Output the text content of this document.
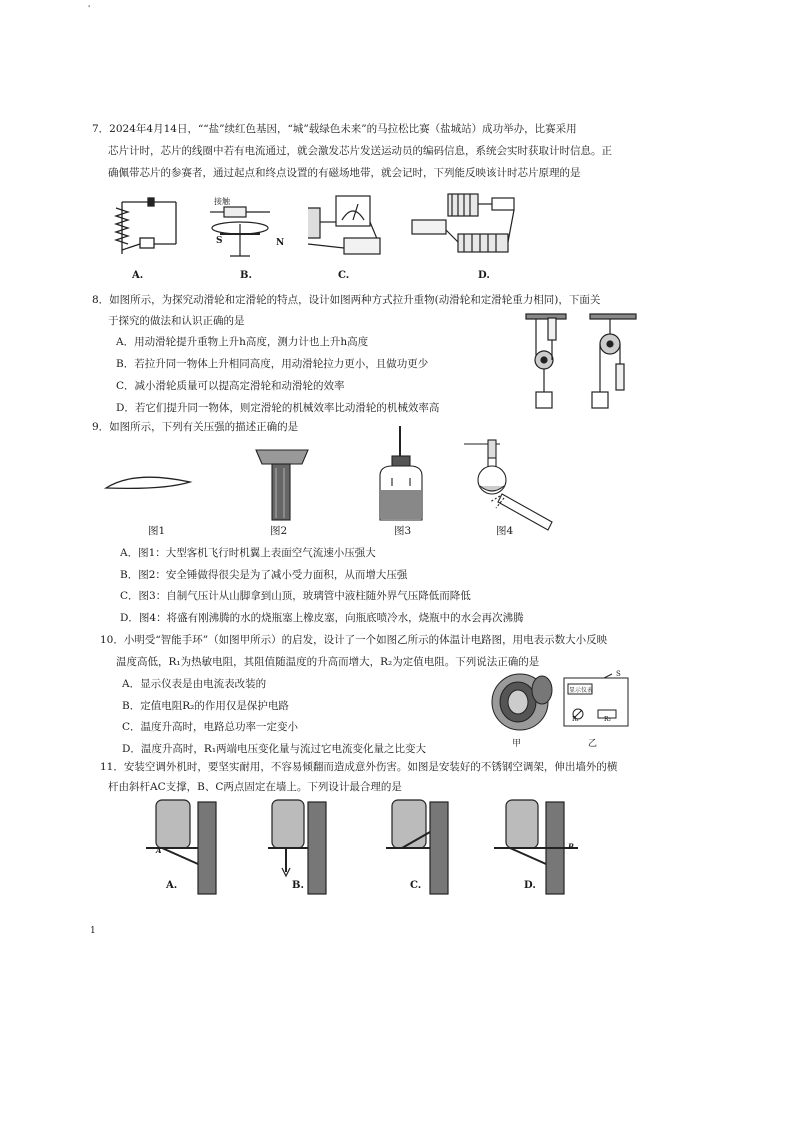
'
7．2024年4月14日，““盐”续红色基因，“城”载绿色未来”的马拉松比赛（盐城站）成功举办，比赛采用
芯片计时，芯片的线圈中若有电流通过，就会激发芯片发送运动员的编码信息，系统会实时获取计时信息。正
确佩带芯片的参赛者，通过起点和终点设置的有磁场地带，就会记时，下列能反映该计时芯片原理的是
A.
接触
S	N
B.	C.	D.
8．如图所示，为探究动滑轮和定滑轮的特点，设计如图两种方式拉升重物(动滑轮和定滑轮重力相同)，下面关
于探究的做法和认识正确的是
A．用动滑轮提升重物上升h高度，测力计也上升h高度
B．若拉升同一物体上升相同高度，用动滑轮拉力更小，且做功更少
C．减小滑轮质量可以提高定滑轮和动滑轮的效率
D．若它们提升同一物体，则定滑轮的机械效率比动滑轮的机械效率高
9．如图所示，下列有关压强的描述正确的是
图1	图2	图3	图4
A．图1：大型客机飞行时机翼上表面空气流速小压强大
B．图2：安全锤做得很尖是为了减小受力面积，从而增大压强
C．图3：自制气压计从山脚拿到山顶，玻璃管中液柱随外界气压降低而降低
D．图4：将盛有刚沸腾的水的烧瓶塞上橡皮塞，向瓶底喷冷水，烧瓶中的水会再次沸腾
10．小明受“智能手环”（如图甲所示）的启发，设计了一个如图乙所示的体温计电路图，用电表示数大小反映
温度高低，R₁为热敏电阻，其阻值随温度的升高而增大，R₂为定值电阻。下列说法正确的是
A．显示仪表是由电流表改装的
B．定值电阻R₂的作用仅是保护电路
C．温度升高时，电路总功率一定变小
D．温度升高时，R₁两端电压变化量与流过它电流变化量之比变大	甲
显示仪表
S
R₁	R₂
乙
11．安装空调外机时，要坚实耐用，不容易倾翻而造成意外伤害。如图是安装好的不锈钢空调架，伸出墙外的横
杆由斜杆AC支撑，B、C两点固定在墙上。下列设计最合理的是
A
A.	B.	C.
B
D.
1
